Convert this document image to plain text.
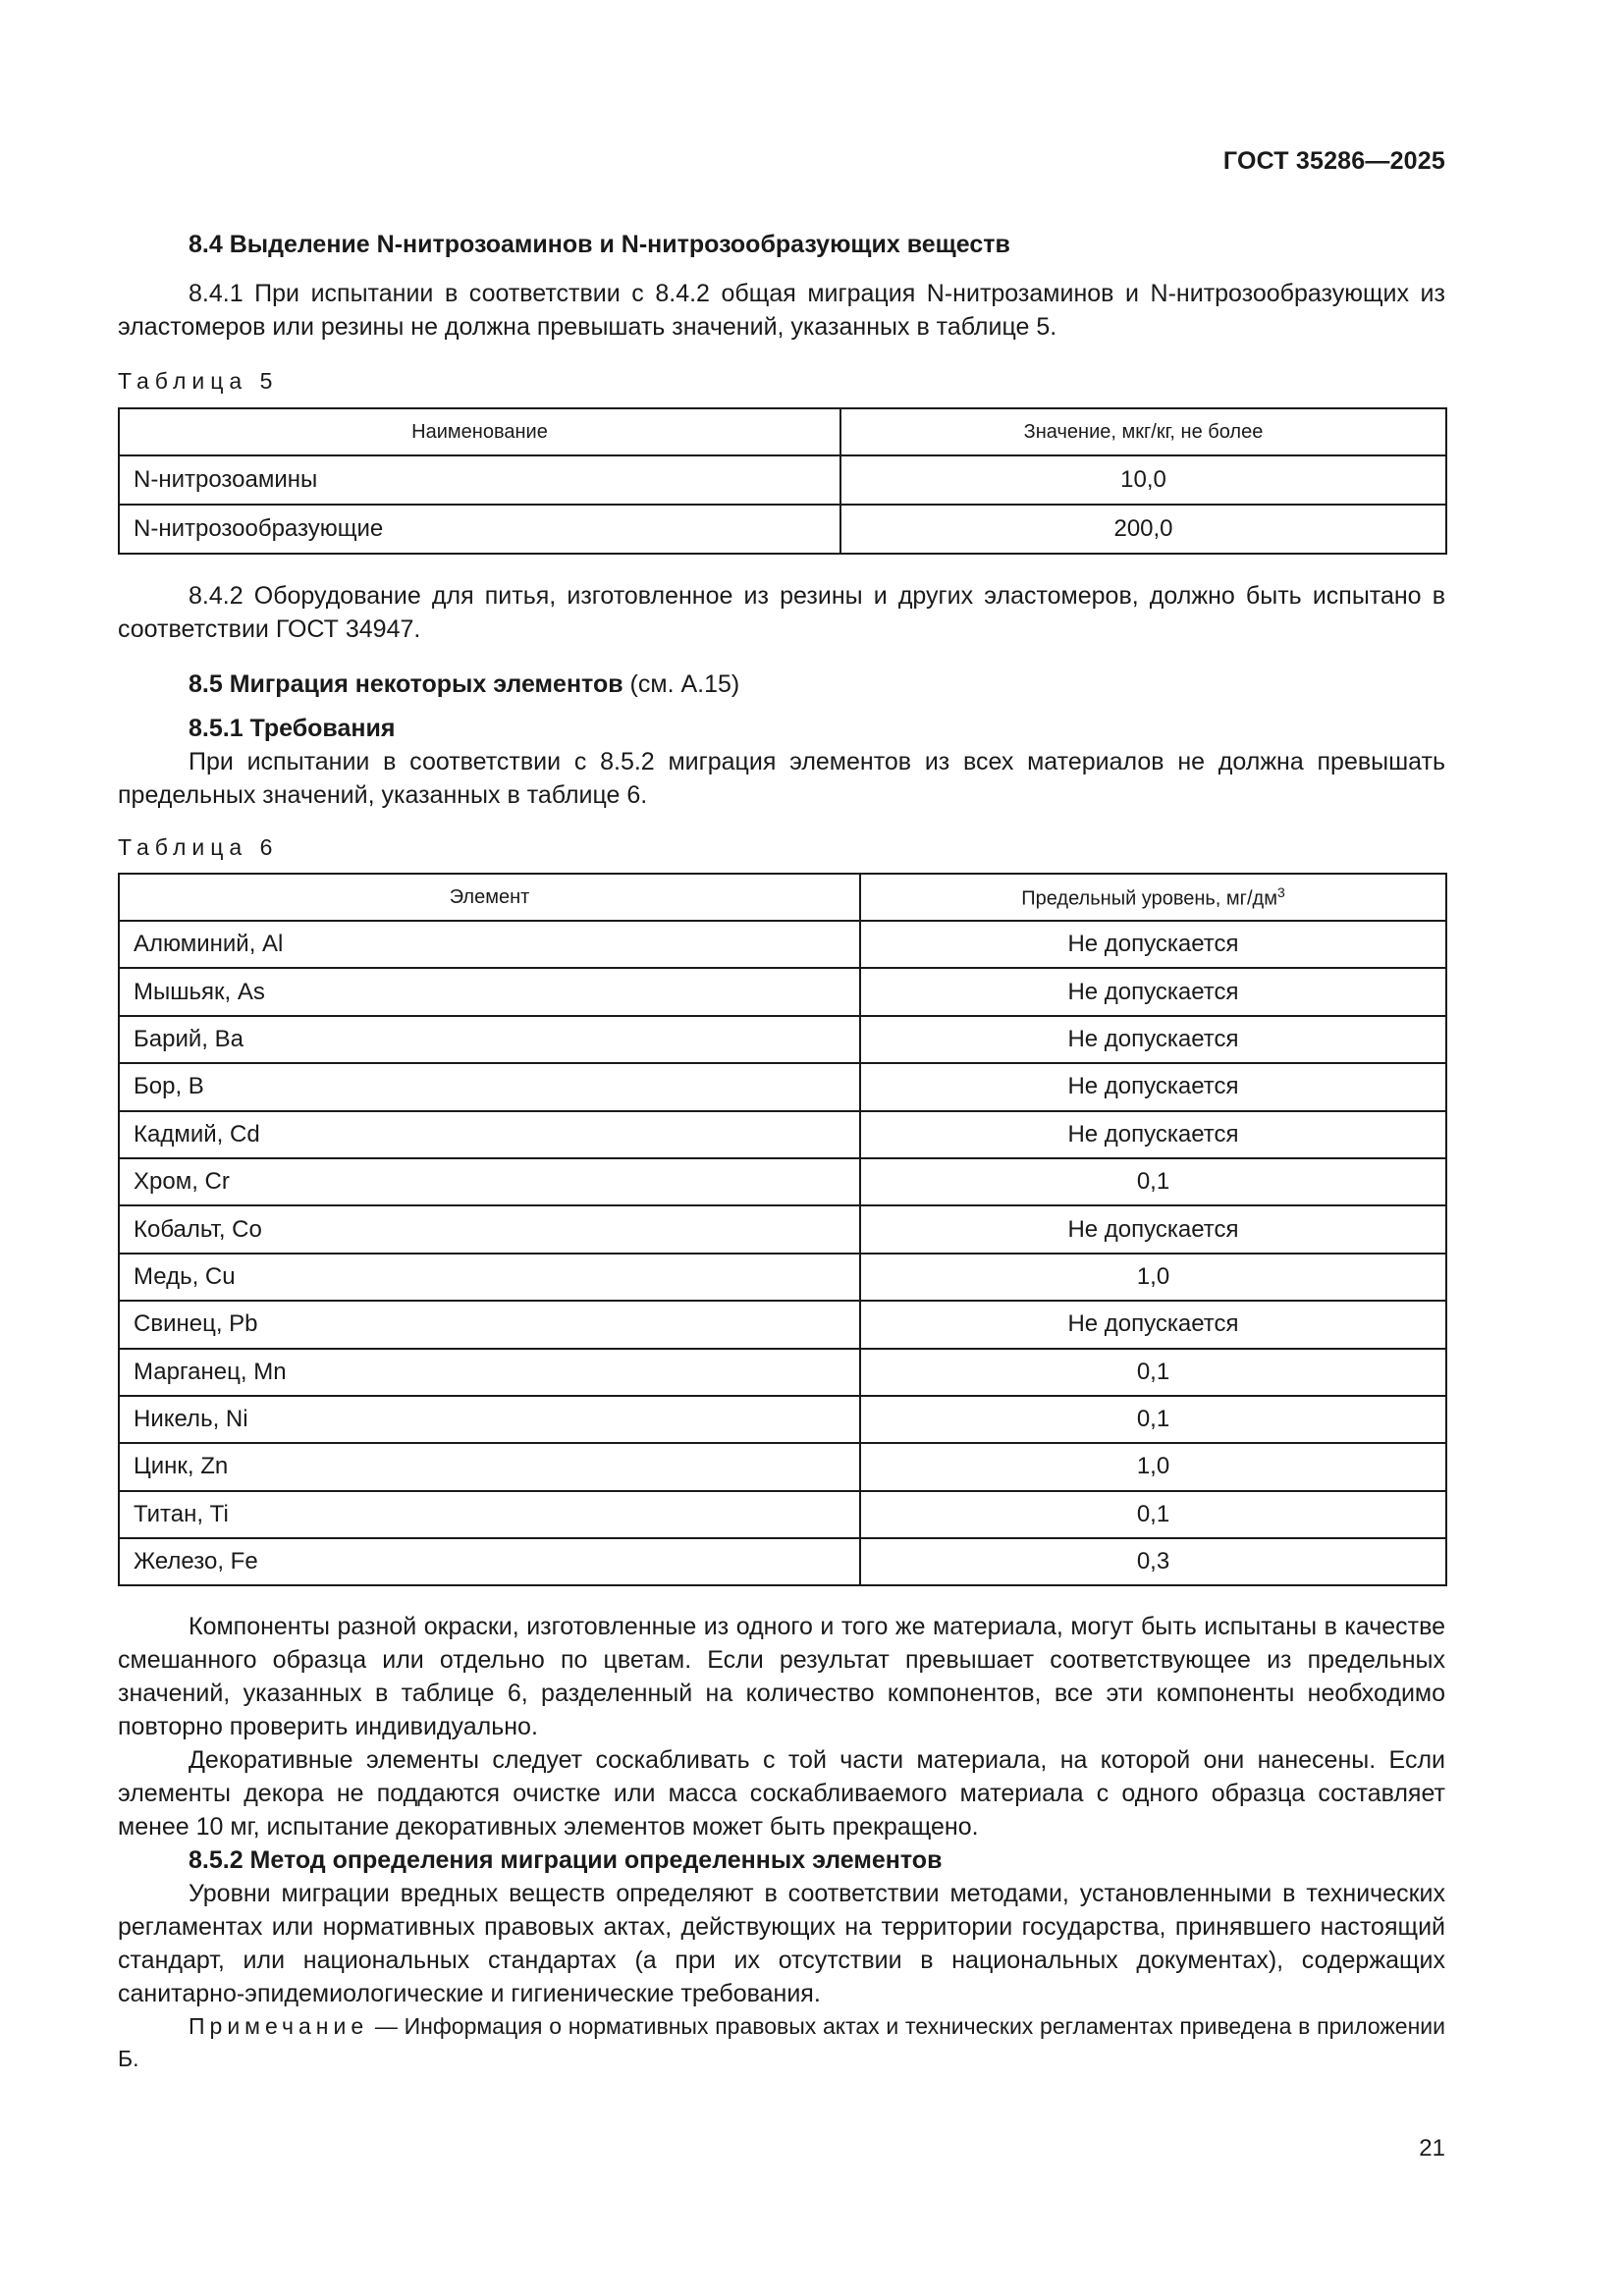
ГОСТ 35286—2025
8.4 Выделение N-нитрозоаминов и N-нитрозообразующих веществ
8.4.1 При испытании в соответствии с 8.4.2 общая миграция N-нитрозаминов и N-нитрозообразующих из эластомеров или резины не должна превышать значений, указанных в таблице 5.
Таблица 5
Наименование	Значение, мкг/кг, не более
N-нитрозоамины	10,0
N-нитрозообразующие	200,0
8.4.2 Оборудование для питья, изготовленное из резины и других эластомеров, должно быть испытано в соответствии ГОСТ 34947.
8.5 Миграция некоторых элементов (см. А.15)
8.5.1 Требования
При испытании в соответствии с 8.5.2 миграция элементов из всех материалов не должна превышать предельных значений, указанных в таблице 6.
Таблица 6
Элемент	Предельный уровень, $мг/дм^3$
Алюминий, Al	Не допускается
Мышьяк, As	Не допускается
Барий, Ba	Не допускается
Бор, B	Не допускается
Кадмий, Cd	Не допускается
Хром, Cr	0,1
Кобальт, Co	Не допускается
Медь, Cu	1,0
Свинец, Pb	Не допускается
Марганец, Mn	0,1
Никель, Ni	0,1
Цинк, Zn	1,0
Титан, Ti	0,1
Железо, Fe	0,3
Компоненты разной окраски, изготовленные из одного и того же материала, могут быть испытаны в качестве смешанного образца или отдельно по цветам. Если результат превышает соответствующее из предельных значений, указанных в таблице 6, разделенный на количество компонентов, все эти компоненты необходимо повторно проверить индивидуально.
Декоративные элементы следует соскабливать с той части материала, на которой они нанесены. Если элементы декора не поддаются очистке или масса соскабливаемого материала с одного образца составляет менее 10 мг, испытание декоративных элементов может быть прекращено.
8.5.2 Метод определения миграции определенных элементов
Уровни миграции вредных веществ определяют в соответствии методами, установленными в технических регламентах или нормативных правовых актах, действующих на территории государства, принявшего настоящий стандарт, или национальных стандартах (а при их отсутствии в национальных документах), содержащих санитарно-эпидемиологические и гигиенические требования.
Примечание — Информация о нормативных правовых актах и технических регламентах приведена в приложении Б.
21
